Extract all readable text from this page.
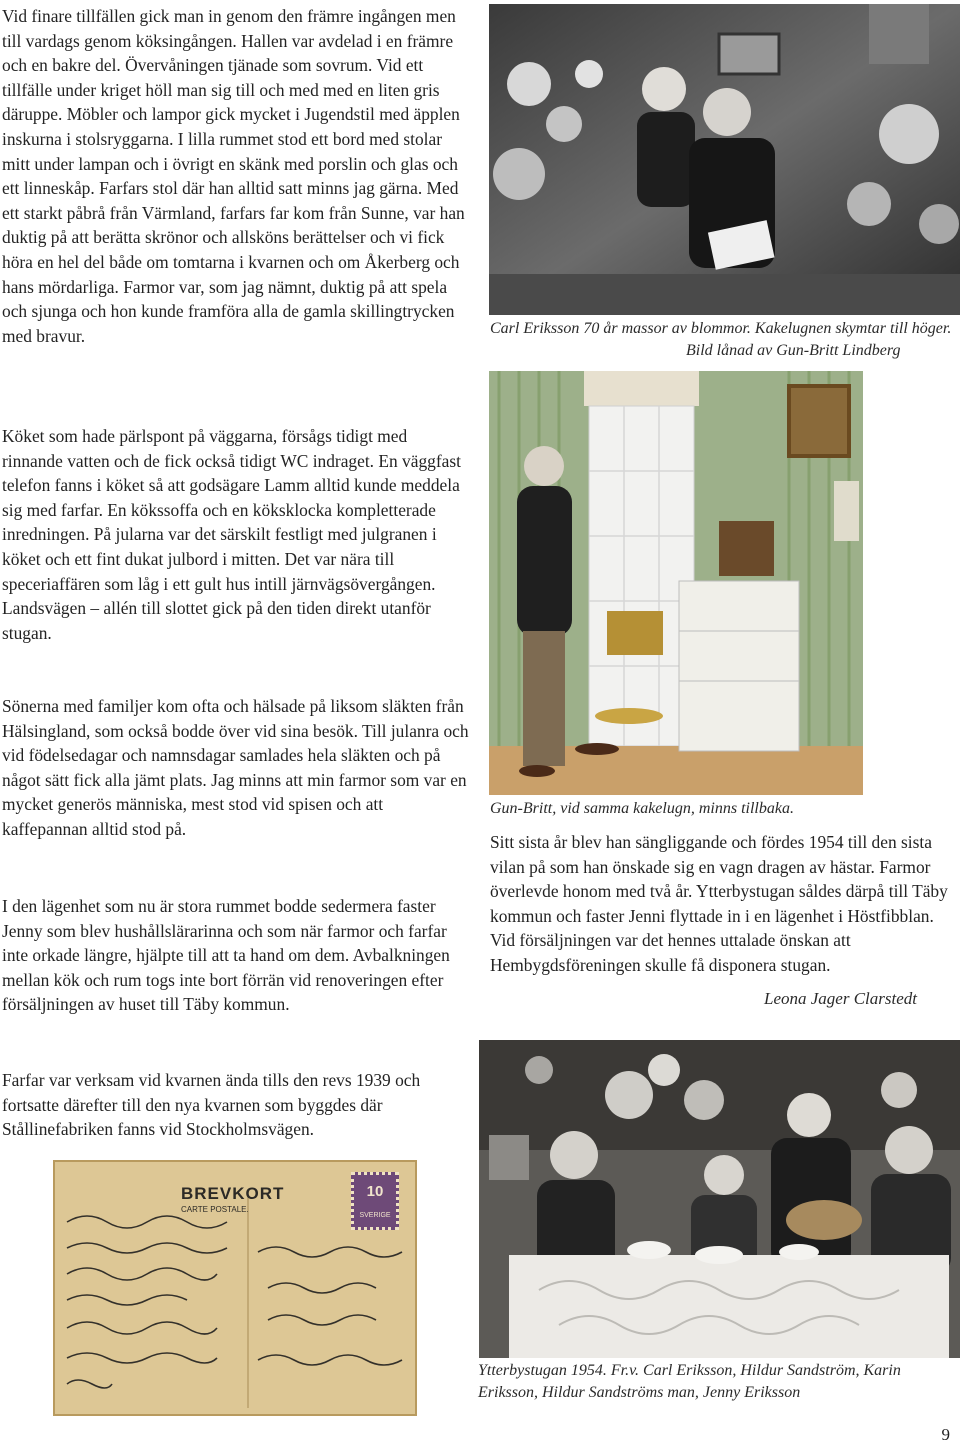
Vid finare tillfällen gick man in genom den främre ingången men till vardags genom köksingången. Hallen var avdelad i en främre och en bakre del. Övervåningen tjänade som sovrum. Vid ett tillfälle under kriget höll man sig till och med med en liten gris däruppe. Möbler och lampor gick mycket i Jugendstil med äpplen inskurna i stolsryggarna. I lilla rummet stod ett bord med stolar mitt under lampan och i övrigt en skänk med porslin och glas och ett linneskåp. Farfars stol där han alltid satt minns jag gärna. Med ett starkt påbrå från Värmland, farfars far kom från Sunne, var han duktig på att berätta skrönor och allsköns berättelser och vi fick höra en hel del både om tomtarna i kvarnen och om Åkerberg och hans mördarliga. Farmor var, som jag nämnt, duktig på att spela och sjunga och hon kunde framföra alla de gamla skillingtrycken med bravur.

Köket som hade pärlspont på väggarna, försågs tidigt med rinnande vatten och de fick också tidigt WC indraget. En väggfast telefon fanns i köket så att godsägare Lamm alltid kunde meddela sig med farfar. En kökssoffa och en köksklocka kompletterade inredningen. På jularna var det särskilt festligt med julgranen i köket och ett fint dukat julbord i mitten. Det var nära till speceriaffären som låg i ett gult hus intill järnvägsövergången. Landsvägen – allén till slottet gick på den tiden direkt utanför stugan.

Sönerna med familjer kom ofta och hälsade på liksom släkten från Hälsingland, som också bodde över vid sina besök. Till julanra och vid födelsedagar och namnsdagar samlades hela släkten och på något sätt fick alla jämt plats. Jag minns att min farmor som var en mycket generös människa, mest stod vid spisen och att kaffepannan alltid stod på.

I den lägenhet som nu är stora rummet bodde sedermera faster Jenny som blev hushållslärarinna och som när farmor och farfar inte orkade längre, hjälpte till att ta hand om dem. Avbalkningen mellan kök och rum togs inte bort förrän vid renoveringen efter försäljningen av huset till Täby kommun.

Farfar var verksam vid kvarnen ända tills den revs 1939 och fortsatte därefter till den nya kvarnen som byggdes där Stållinefabriken fanns vid Stockholmsvägen.

Carl Eriksson 70 år massor av blommor. Kakelugnen skymtar till höger.
Bild lånad av Gun-Britt Lindberg

Gun-Britt, vid samma kakelugn, minns tillbaka.

Sitt sista år blev han sängliggande och fördes 1954 till den sista vilan på som han önskade sig en vagn dragen av hästar. Farmor överlevde honom med två år. Ytterbystugan såldes därpå till Täby kommun och faster Jenni flyttade in i en lägenhet i Höstfibblan. Vid försäljningen var det hennes uttalade önskan att Hembygdsföreningen skulle få disponera stugan.

Leona Jager Clarstedt
BREVKORT
CARTE POSTALE.
10
SVERIGE

Ytterbystugan 1954. Fr.v. Carl Eriksson, Hildur Sandström, Karin Eriksson, Hildur Sandströms man, Jenny Eriksson

9
